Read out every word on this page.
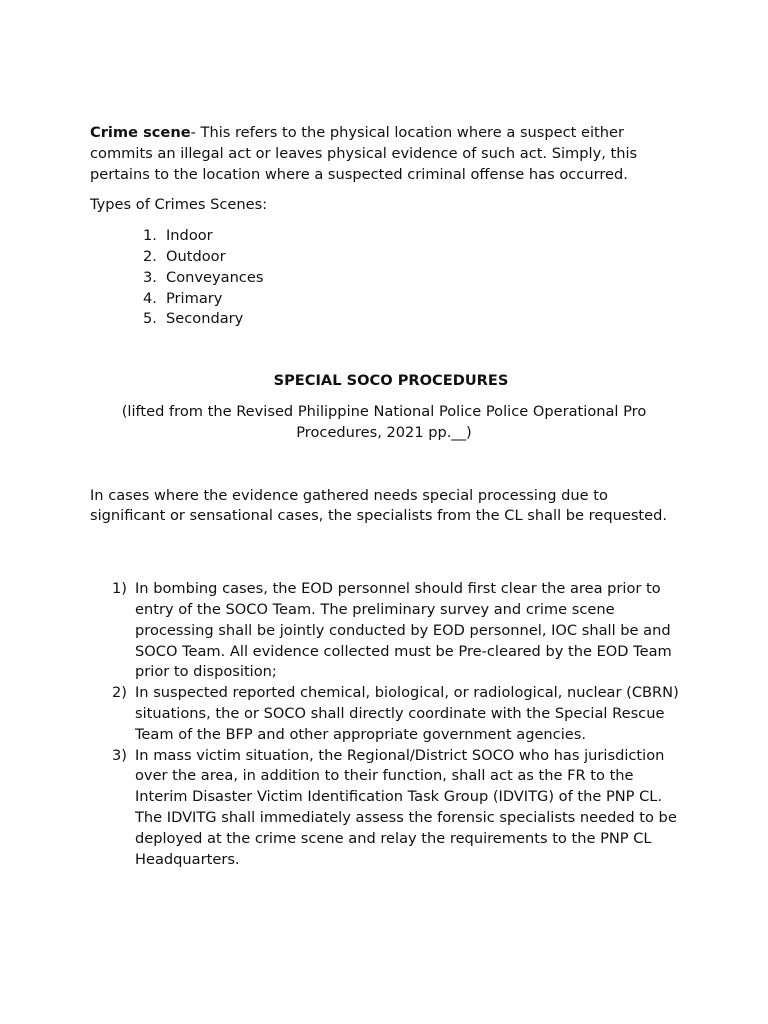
Crime scene- This refers to the physical location where a suspect either commits an illegal act or leaves physical evidence of such act. Simply, this pertains to the location where a suspected criminal offense has occurred.

Types of Crimes Scenes:

1. Indoor
2. Outdoor
3. Conveyances
4. Primary
5. Secondary

SPECIAL SOCO PROCEDURES

(lifted from the Revised Philippine National Police Police Operational Pro
Procedures, 2021 pp.__)

In cases where the evidence gathered needs special processing due to significant or sensational cases, the specialists from the CL shall be requested.

1) In bombing cases, the EOD personnel should first clear the area prior to entry of the SOCO Team. The preliminary survey and crime scene processing shall be jointly conducted by EOD personnel, IOC shall be and SOCO Team. All evidence collected must be Pre-cleared by the EOD Team prior to disposition;
2) In suspected reported chemical, biological, or radiological, nuclear (CBRN) situations, the or SOCO shall directly coordinate with the Special Rescue Team of the BFP and other appropriate government agencies.
3) In mass victim situation, the Regional/District SOCO who has jurisdiction over the area, in addition to their function, shall act as the FR to the Interim Disaster Victim Identification Task Group (IDVITG) of the PNP CL. The IDVITG shall immediately assess the forensic specialists needed to be deployed at the crime scene and relay the requirements to the PNP CL Headquarters.
